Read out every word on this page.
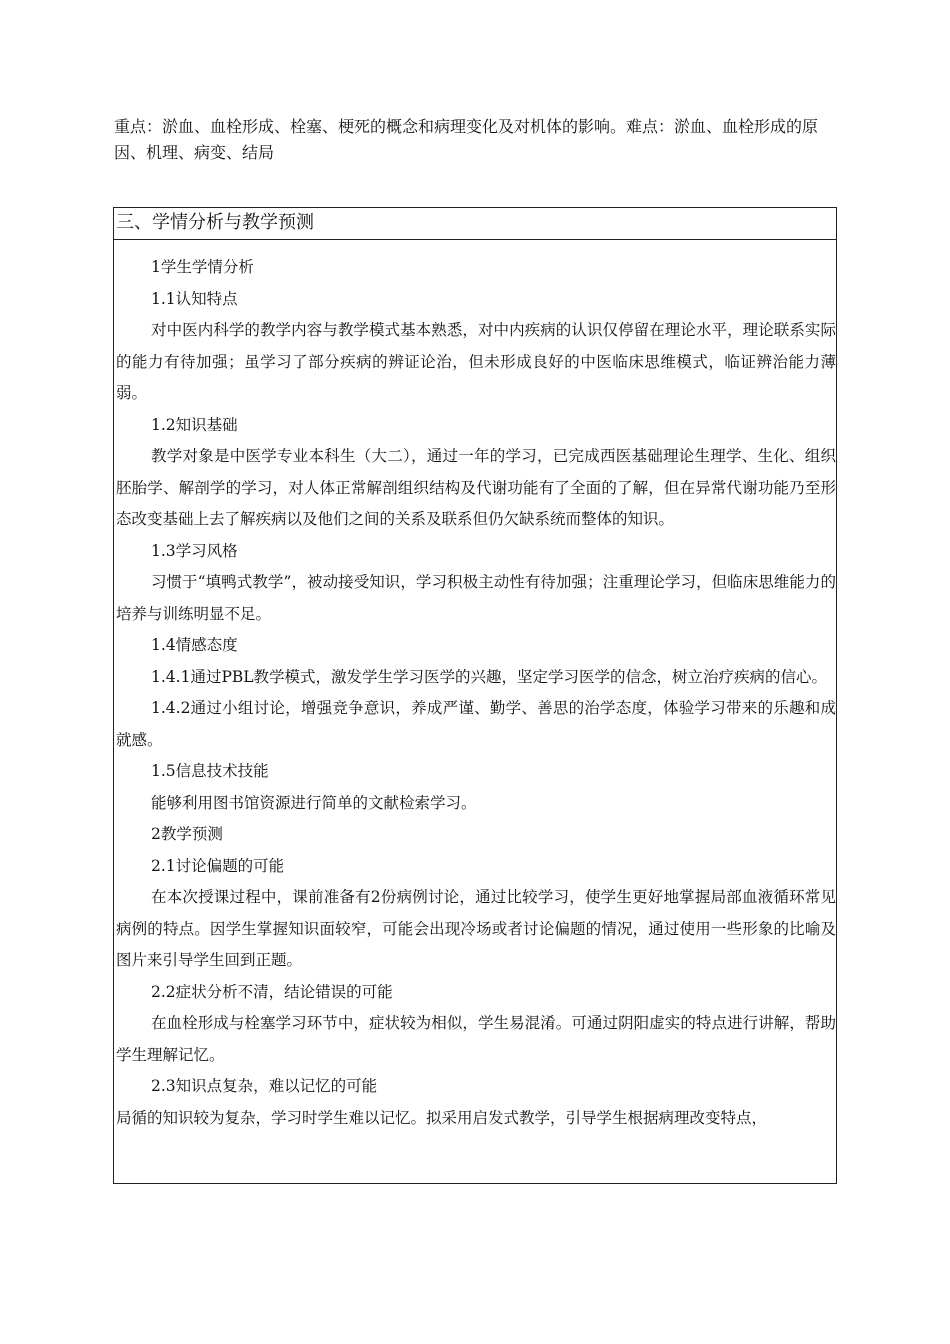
重点：淤血、血栓形成、栓塞、梗死的概念和病理变化及对机体的影响。难点：淤血、血栓形成的原因、机理、病变、结局

三、学情分析与教学预测

1学生学情分析

1.1认知特点

对中医内科学的教学内容与教学模式基本熟悉，对中内疾病的认识仅停留在理论水平，理论联系实际的能力有待加强；虽学习了部分疾病的辨证论治，但未形成良好的中医临床思维模式，临证辨治能力薄弱。

1.2知识基础

教学对象是中医学专业本科生（大二），通过一年的学习，已完成西医基础理论生理学、生化、组织胚胎学、解剖学的学习，对人体正常解剖组织结构及代谢功能有了全面的了解，但在异常代谢功能乃至形态改变基础上去了解疾病以及他们之间的关系及联系但仍欠缺系统而整体的知识。

1.3学习风格

习惯于“填鸭式教学”，被动接受知识，学习积极主动性有待加强；注重理论学习，但临床思维能力的培养与训练明显不足。

1.4情感态度

1.4.1通过PBL教学模式，激发学生学习医学的兴趣，坚定学习医学的信念，树立治疗疾病的信心。

1.4.2通过小组讨论，增强竞争意识，养成严谨、勤学、善思的治学态度，体验学习带来的乐趣和成就感。

1.5信息技术技能

能够利用图书馆资源进行简单的文献检索学习。

2教学预测

2.1讨论偏题的可能

在本次授课过程中，课前准备有2份病例讨论，通过比较学习，使学生更好地掌握局部血液循环常见病例的特点。因学生掌握知识面较窄，可能会出现冷场或者讨论偏题的情况，通过使用一些形象的比喻及图片来引导学生回到正题。

2.2症状分析不清，结论错误的可能

在血栓形成与栓塞学习环节中，症状较为相似，学生易混淆。可通过阴阳虚实的特点进行讲解，帮助学生理解记忆。

2.3知识点复杂，难以记忆的可能

局循的知识较为复杂，学习时学生难以记忆。拟采用启发式教学，引导学生根据病理改变特点，
